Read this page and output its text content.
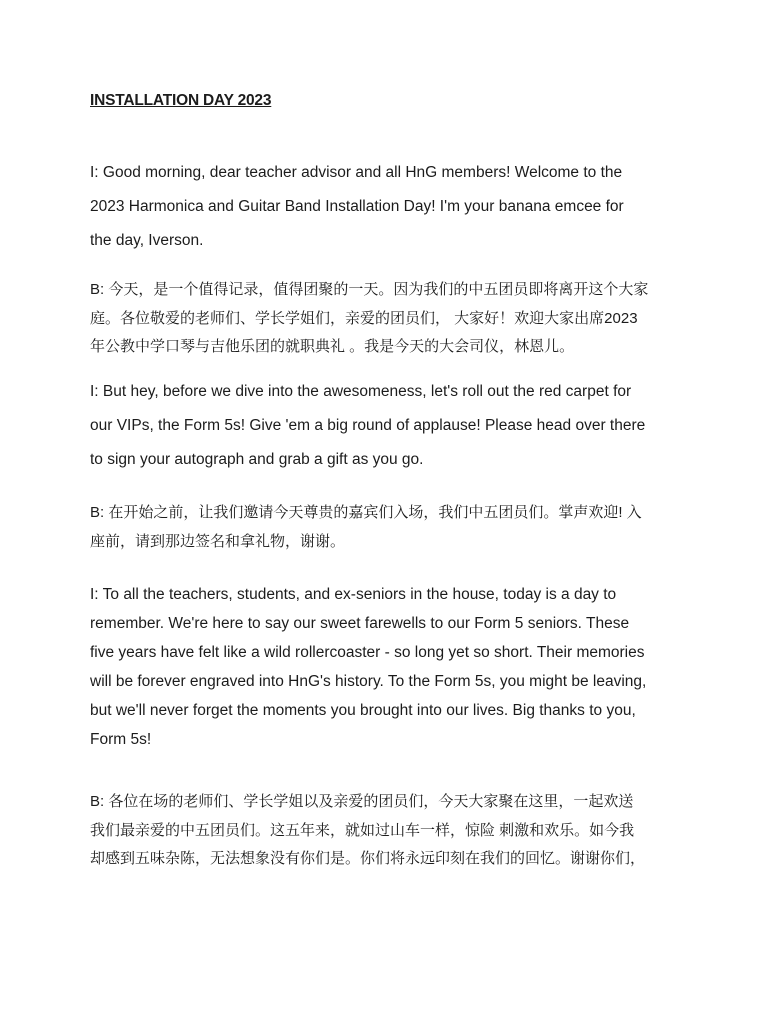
INSTALLATION DAY 2023

I: Good morning, dear teacher advisor and all HnG members! Welcome to the
2023 Harmonica and Guitar Band Installation Day! I'm your banana emcee for
the day, Iverson.

B: 今天，是一个值得记录，值得团聚的一天。因为我们的中五团员即将离开这个大家
庭。各位敬爱的老师们、学长学姐们，亲爱的团员们， 大家好！欢迎大家出席2023
年公教中学口琴与吉他乐团的就职典礼 。我是今天的大会司仪，林恩儿。

I: But hey, before we dive into the awesomeness, let's roll out the red carpet for
our VIPs, the Form 5s! Give 'em a big round of applause! Please head over there
to sign your autograph and grab a gift as you go.

B: 在开始之前，让我们邀请今天尊贵的嘉宾们入场，我们中五团员们。掌声欢迎! 入
座前，请到那边签名和拿礼物，谢谢。

I: To all the teachers, students, and ex-seniors in the house, today is a day to
remember. We're here to say our sweet farewells to our Form 5 seniors. These
five years have felt like a wild rollercoaster - so long yet so short. Their memories
will be forever engraved into HnG's history. To the Form 5s, you might be leaving,
but we'll never forget the moments you brought into our lives. Big thanks to you,
Form 5s!

B: 各位在场的老师们、学长学姐以及亲爱的团员们，今天大家聚在这里，一起欢送
我们最亲爱的中五团员们。这五年来，就如过山车一样，惊险 刺激和欢乐。如今我
却感到五味杂陈，无法想象没有你们是。你们将永远印刻在我们的回忆。谢谢你们，
